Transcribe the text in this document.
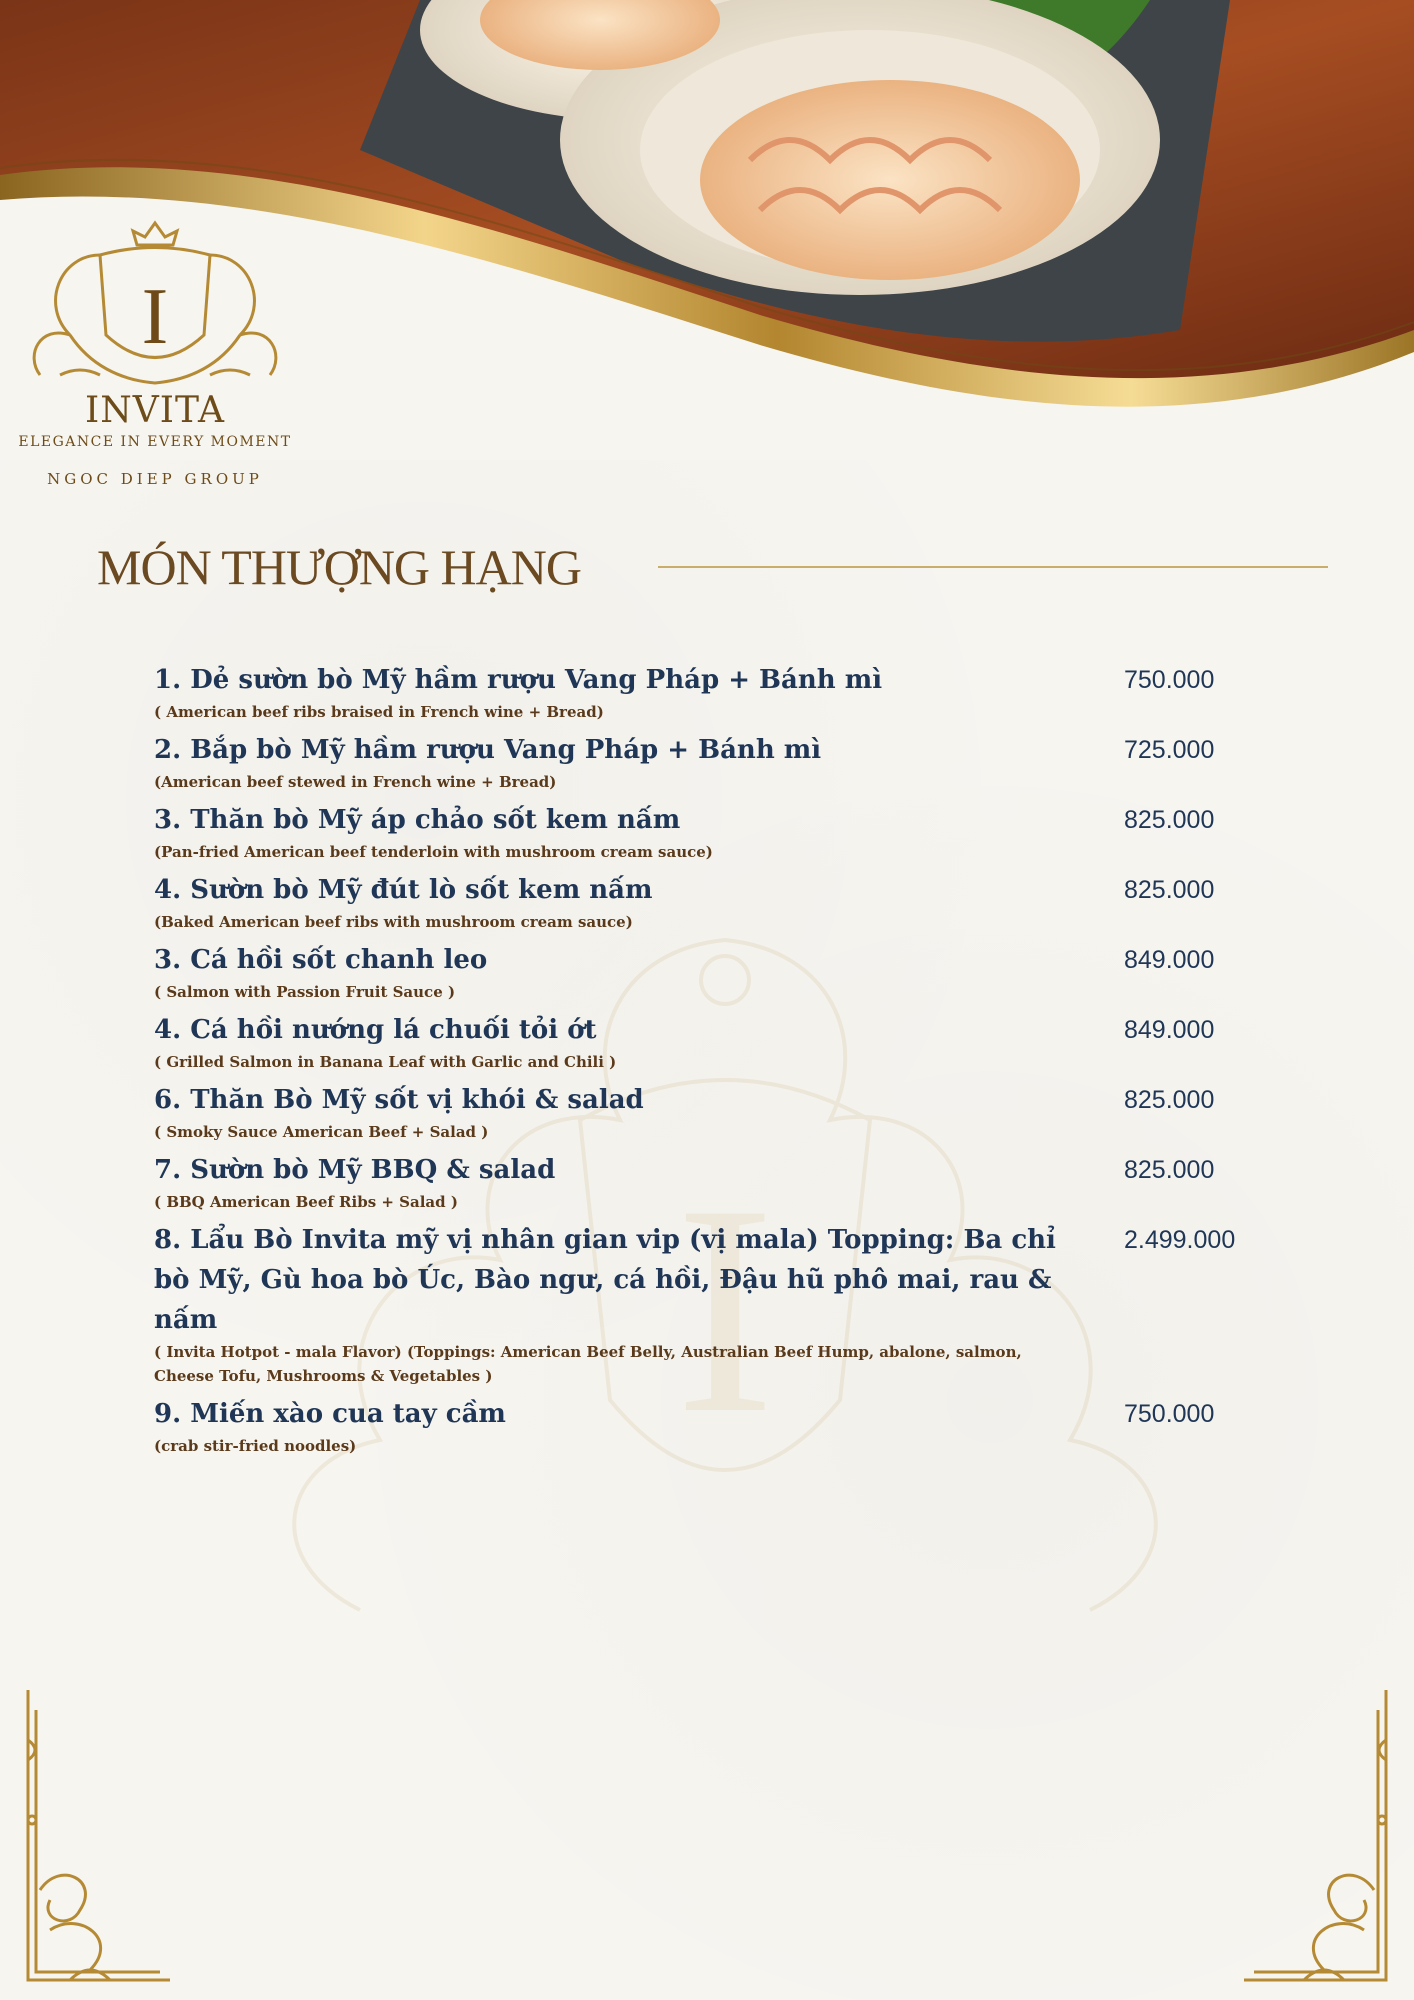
I
I
INVITA
ELEGANCE IN EVERY MOMENT
NGOC DIEP GROUP
MÓN THƯỢNG HẠNG
1. Dẻ sườn bò Mỹ hầm rượu Vang Pháp + Bánh mì
( American beef ribs braised in French wine + Bread)
750.000
2. Bắp bò Mỹ hầm rượu Vang Pháp + Bánh mì
(American beef stewed in French wine + Bread)
725.000
3. Thăn bò Mỹ áp chảo sốt kem nấm
(Pan-fried American beef tenderloin with mushroom cream sauce)
825.000
4. Sườn bò Mỹ đút lò sốt kem nấm
(Baked American beef ribs with mushroom cream sauce)
825.000
3. Cá hồi sốt chanh leo
( Salmon with Passion Fruit Sauce )
849.000
4. Cá hồi nướng lá chuối tỏi ớt
( Grilled Salmon in Banana Leaf with Garlic and Chili )
849.000
6. Thăn Bò Mỹ sốt vị khói & salad
( Smoky Sauce American Beef + Salad )
825.000
7. Sườn bò Mỹ BBQ & salad
( BBQ American Beef Ribs + Salad )
825.000
8. Lẩu Bò Invita mỹ vị nhân gian vip (vị mala) Topping: Ba chỉ bò Mỹ, Gù hoa bò Úc, Bào ngư, cá hồi, Đậu hũ phô mai, rau & nấm
( Invita Hotpot - mala Flavor) (Toppings: American Beef Belly, Australian Beef Hump, abalone, salmon, Cheese Tofu, Mushrooms & Vegetables )
2.499.000
9. Miến xào cua tay cầm
(crab stir-fried noodles)
750.000
